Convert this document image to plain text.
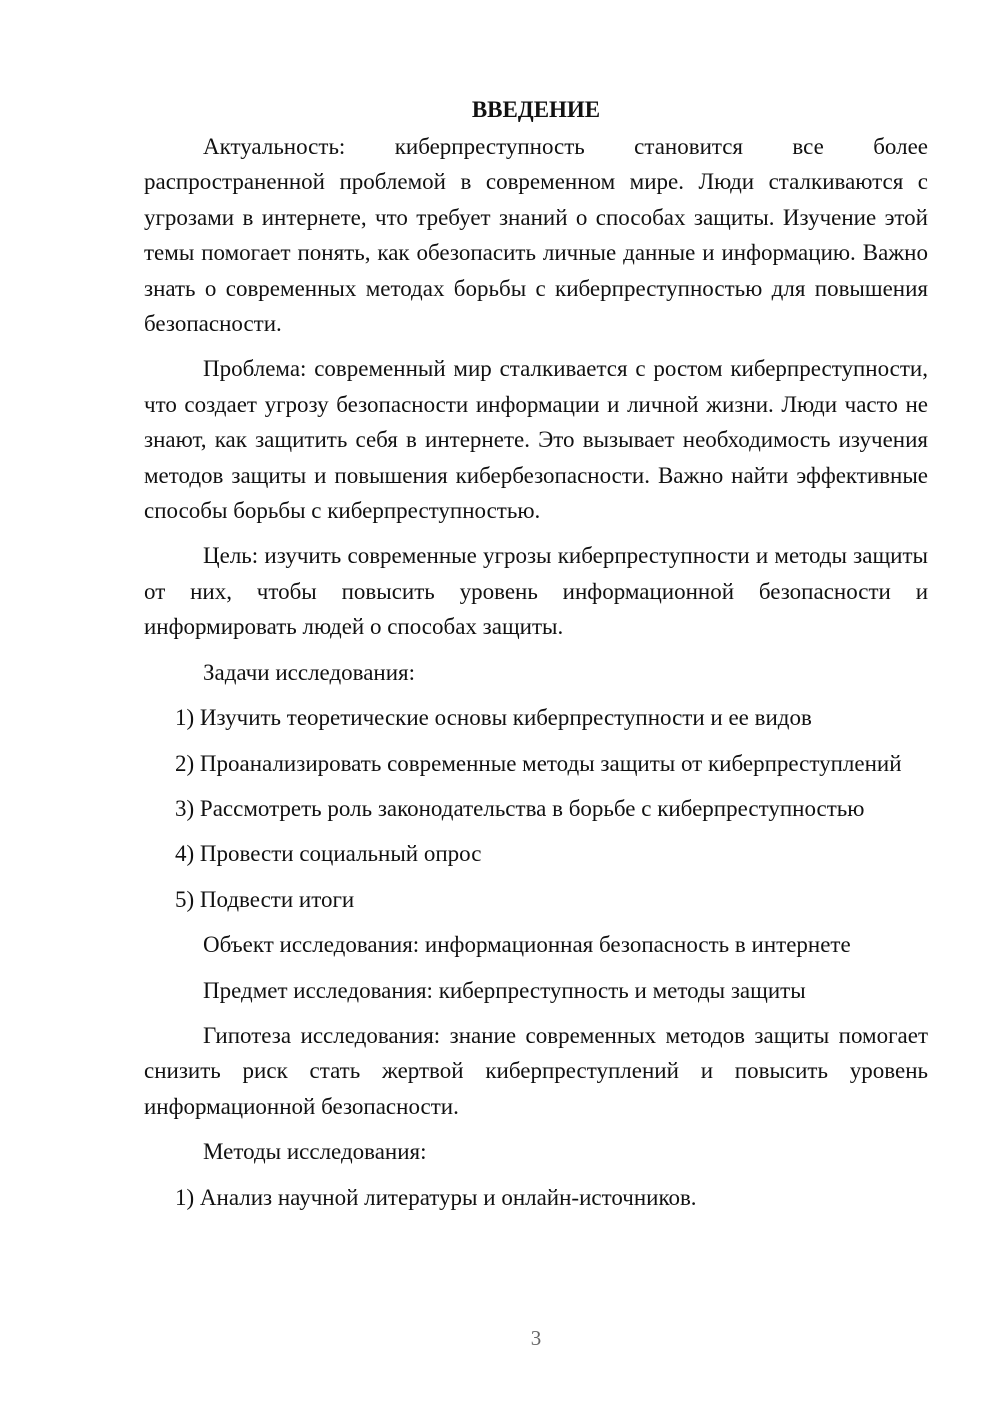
ВВЕДЕНИЕ

Актуальность: киберпреступность становится все более распространенной проблемой в современном мире. Люди сталкиваются с угрозами в интернете, что требует знаний о способах защиты. Изучение этой темы помогает понять, как обезопасить личные данные и информацию. Важно знать о современных методах борьбы с киберпреступностью для повышения безопасности.

Проблема: современный мир сталкивается с ростом киберпреступности, что создает угрозу безопасности информации и личной жизни. Люди часто не знают, как защитить себя в интернете. Это вызывает необходимость изучения методов защиты и повышения кибербезопасности. Важно найти эффективные способы борьбы с киберпреступностью.

Цель: изучить современные угрозы киберпреступности и методы защиты от них, чтобы повысить уровень информационной безопасности и информировать людей о способах защиты.

Задачи исследования:

1) Изучить теоретические основы киберпреступности и ее видов

2) Проанализировать современные методы защиты от киберпреступлений

3) Рассмотреть роль законодательства в борьбе с киберпреступностью

4) Провести социальный опрос

5) Подвести итоги

Объект исследования: информационная безопасность в интернете

Предмет исследования: киберпреступность и методы защиты

Гипотеза исследования: знание современных методов защиты помогает снизить риск стать жертвой киберпреступлений и повысить уровень информационной безопасности.

Методы исследования:

1) Анализ научной литературы и онлайн-источников.

3
